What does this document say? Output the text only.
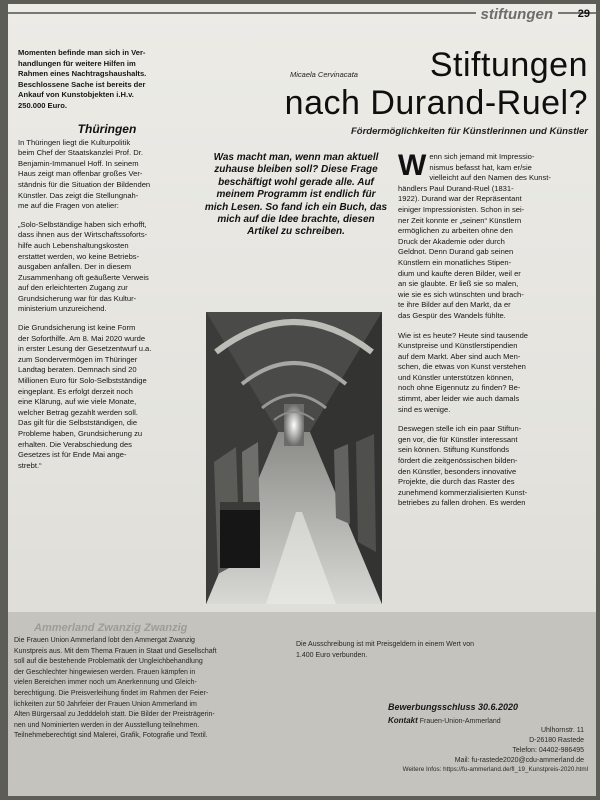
stiftungen	29
Momenten befinde man sich in Ver-
handlungen für weitere Hilfen im
Rahmen eines Nachtragshaushalts.
Beschlossene Sache ist bereits der
Ankauf von Kunstobjekten i.H.v.
250.000 Euro.
Thüringen
In Thüringen liegt die Kulturpolitik
beim Chef der Staatskanzlei Prof. Dr.
Benjamin-Immanuel Hoff. In seinem
Haus zeigt man offenbar großes Ver-
ständnis für die Situation der Bildenden
Künstler. Das zeigt die Stellungnah-
me auf die Fragen von atelier:
„Solo-Selbständige haben sich erhofft,
dass ihnen aus der Wirtschaftssoforts-
hilfe auch Lebenshaltungskosten
erstattet werden, wo keine Betriebs-
ausgaben anfallen. Der in diesem
Zusammenhang oft geäußerte Verweis
auf den erleichterten Zugang zur
Grundsicherung war für das Kultur-
ministerium unzureichend.
Die Grundsicherung ist keine Form
der Soforthilfe. Am 8. Mai 2020 wurde
in erster Lesung der Gesetzentwurf u.a.
zum Sondervermögen im Thüringer
Landtag beraten. Demnach sind 20
Millionen Euro für Solo-Selbstständige
eingeplant. Es erfolgt derzeit noch
eine Klärung, auf wie viele Monate,
welcher Betrag gezahlt werden soll.
Das gilt für die Selbstständigen, die
Probleme haben, Grundsicherung zu
erhalten. Die Verabschiedung des
Gesetzes ist für Ende Mai ange-
strebt.“
Stiftungen
nach Durand-Ruel?
Micaela Cervinacata
Fördermöglichkeiten für Künstlerinnen und Künstler
Was macht man, wenn man aktuell zuhause bleiben soll? Diese Frage beschäftigt wohl gerade alle. Auf meinem Programm ist endlich für mich Lesen. So fand ich ein Buch, das mich auf die Idee brachte, diesen Artikel zu schreiben.
Wenn sich jemand mit Impressio-
nismus befasst hat, kam er/sie
vielleicht auf den Namen des Kunst-
händlers Paul Durand-Ruel (1831-
1922). Durand war der Repräsentant
einiger Impressionisten. Schon in sei-
ner Zeit konnte er „seinen“ Künstlern
ermöglichen zu arbeiten ohne den
Druck der Akademie oder durch
Geldnot. Denn Durand gab seinen
Künstlern ein monatliches Stipen-
dium und kaufte deren Bilder, weil er
an sie glaubte. Er ließ sie so malen,
wie sie es sich wünschten und brach-
te ihre Bilder auf den Markt, da er
das Gespür des Wandels fühlte.
Wie ist es heute? Heute sind tausende
Kunstpreise und Künstlerstipendien
auf dem Markt. Aber sind auch Men-
schen, die etwas von Kunst verstehen
und Künstler unterstützen können,
noch ohne Eigennutz zu finden? Be-
stimmt, aber leider wie auch damals
sind es wenige.
Deswegen stelle ich ein paar Stiftun-
gen vor, die für Künstler interessant
sein können. Stiftung Kunstfonds
fördert die zeitgenössischen bilden-
den Künstler, besonders innovative
Projekte, die durch das Raster des
zunehmend kommerzialisierten Kunst-
betriebes zu fallen drohen. Es werden
Ammerland Zwanzig Zwanzig
Die Frauen Union Ammerland lobt den Ammergat Zwanzig
Kunstpreis aus. Mit dem Thema Frauen in Staat und Gesellschaft
soll auf die bestehende Problematik der Ungleichbehandlung
der Geschlechter hingewiesen werden. Frauen kämpfen in
vielen Bereichen immer noch um Anerkennung und Gleich-
berechtigung. Die Preisverleihung findet im Rahmen der Feier-
lichkeiten zur 50 Jahrfeier der Frauen Union Ammerland im
Alten Bürgersaal zu Jedddeloh statt. Die Bilder der Preisträgerin-
nen und Nominierten werden in der Ausstellung teilnehmen.
Teilnehmeberechtigt sind Malerei, Grafik, Fotografie und Textil.
Die Ausschreibung ist mit Preisgeldern in einem Wert von
1.400 Euro verbunden.
Bewerbungsschluss 30.6.2020
Kontakt Frauen-Union-Ammerland
Uhlhornstr. 11
D-26180 Rastede
Telefon: 04402-986495
Mail: fu-rastede2020@cdu-ammerland.de
Weitere Infos: https://fu-ammerland.de/fl_19_Kunstpreis-2020.html
